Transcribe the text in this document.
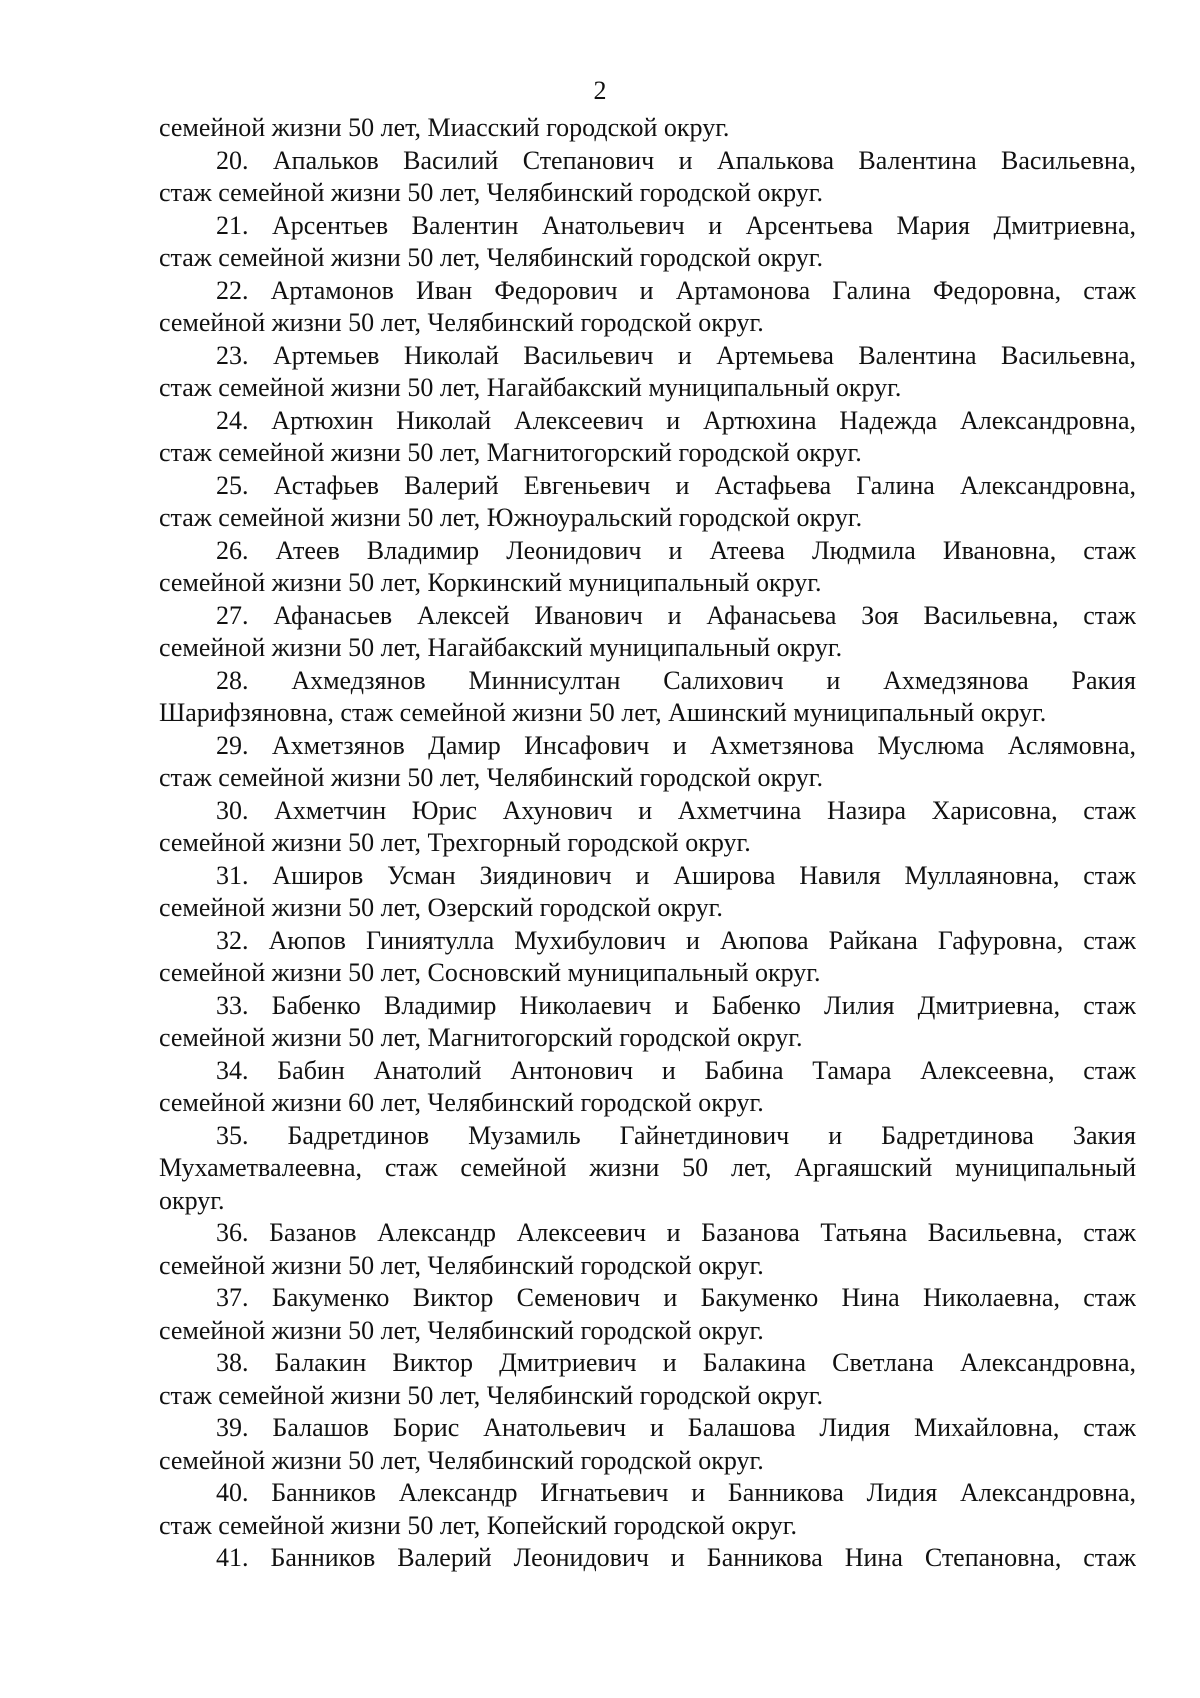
2
семейной жизни 50 лет, Миасский городской округ.
20. Апальков Василий Степанович и Апалькова Валентина Васильевна,
стаж семейной жизни 50 лет, Челябинский городской округ.
21. Арсентьев Валентин Анатольевич и Арсентьева Мария Дмитриевна,
стаж семейной жизни 50 лет, Челябинский городской округ.
22. Артамонов Иван Федорович и Артамонова Галина Федоровна, стаж
семейной жизни 50 лет, Челябинский городской округ.
23. Артемьев Николай Васильевич и Артемьева Валентина Васильевна,
стаж семейной жизни 50 лет, Нагайбакский муниципальный округ.
24. Артюхин Николай Алексеевич и Артюхина Надежда Александровна,
стаж семейной жизни 50 лет, Магнитогорский городской округ.
25. Астафьев Валерий Евгеньевич и Астафьева Галина Александровна,
стаж семейной жизни 50 лет, Южноуральский городской округ.
26. Атеев Владимир Леонидович и Атеева Людмила Ивановна, стаж
семейной жизни 50 лет, Коркинский муниципальный округ.
27. Афанасьев Алексей Иванович и Афанасьева Зоя Васильевна, стаж
семейной жизни 50 лет, Нагайбакский муниципальный округ.
28. Ахмедзянов Миннисултан Салихович и Ахмедзянова Ракия
Шарифзяновна, стаж семейной жизни 50 лет, Ашинский муниципальный округ.
29. Ахметзянов Дамир Инсафович и Ахметзянова Муслюма Аслямовна,
стаж семейной жизни 50 лет, Челябинский городской округ.
30. Ахметчин Юрис Ахунович и Ахметчина Назира Харисовна, стаж
семейной жизни 50 лет, Трехгорный городской округ.
31. Аширов Усман Зиядинович и Аширова Навиля Муллаяновна, стаж
семейной жизни 50 лет, Озерский городской округ.
32. Аюпов Гиниятулла Мухибулович и Аюпова Райкана Гафуровна, стаж
семейной жизни 50 лет, Сосновский муниципальный округ.
33. Бабенко Владимир Николаевич и Бабенко Лилия Дмитриевна, стаж
семейной жизни 50 лет, Магнитогорский городской округ.
34. Бабин Анатолий Антонович и Бабина Тамара Алексеевна, стаж
семейной жизни 60 лет, Челябинский городской округ.
35. Бадретдинов Музамиль Гайнетдинович и Бадретдинова Закия
Мухаметвалеевна, стаж семейной жизни 50 лет, Аргаяшский муниципальный
округ.
36. Базанов Александр Алексеевич и Базанова Татьяна Васильевна, стаж
семейной жизни 50 лет, Челябинский городской округ.
37. Бакуменко Виктор Семенович и Бакуменко Нина Николаевна, стаж
семейной жизни 50 лет, Челябинский городской округ.
38. Балакин Виктор Дмитриевич и Балакина Светлана Александровна,
стаж семейной жизни 50 лет, Челябинский городской округ.
39. Балашов Борис Анатольевич и Балашова Лидия Михайловна, стаж
семейной жизни 50 лет, Челябинский городской округ.
40. Банников Александр Игнатьевич и Банникова Лидия Александровна,
стаж семейной жизни 50 лет, Копейский городской округ.
41. Банников Валерий Леонидович и Банникова Нина Степановна, стаж
